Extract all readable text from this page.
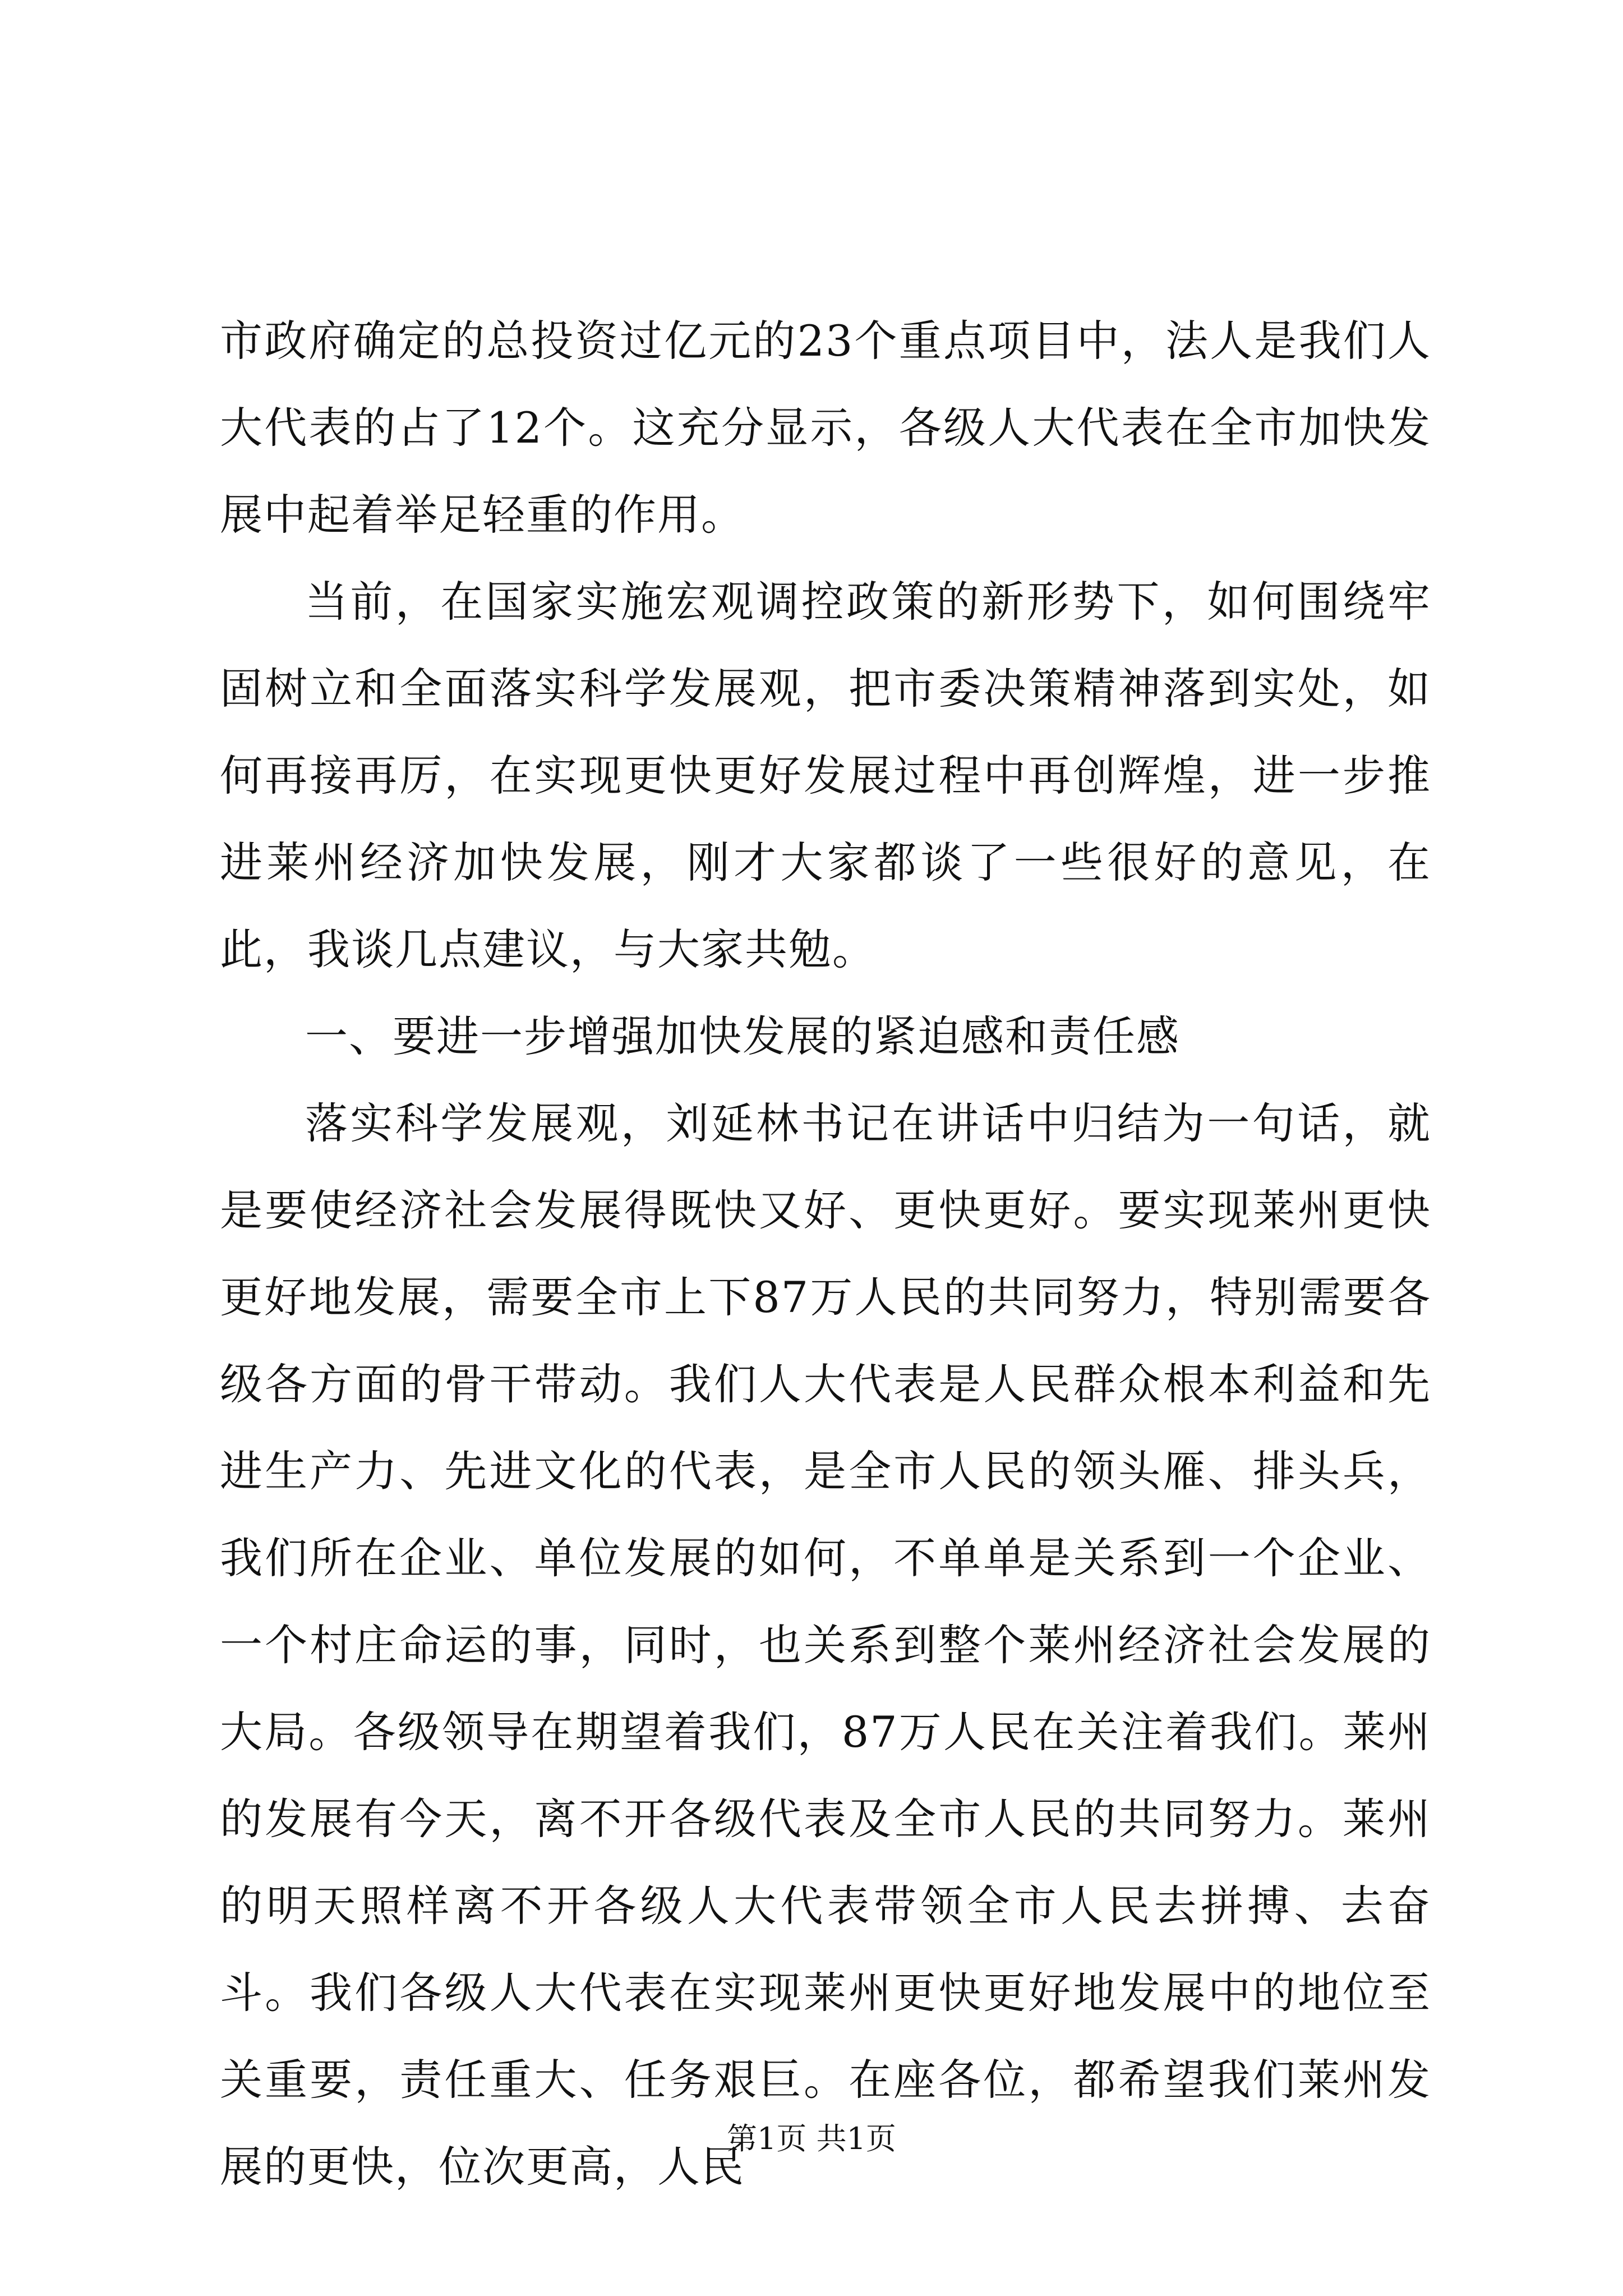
市政府确定的总投资过亿元的23个重点项目中，法人是我们人大代表的占了12个。这充分显示，各级人大代表在全市加快发展中起着举足轻重的作用。

当前，在国家实施宏观调控政策的新形势下，如何围绕牢固树立和全面落实科学发展观，把市委决策精神落到实处，如何再接再厉，在实现更快更好发展过程中再创辉煌，进一步推进莱州经济加快发展，刚才大家都谈了一些很好的意见，在此，我谈几点建议，与大家共勉。

一、要进一步增强加快发展的紧迫感和责任感

落实科学发展观，刘延林书记在讲话中归结为一句话，就是要使经济社会发展得既快又好、更快更好。要实现莱州更快更好地发展，需要全市上下87万人民的共同努力，特别需要各级各方面的骨干带动。我们人大代表是人民群众根本利益和先进生产力、先进文化的代表，是全市人民的领头雁、排头兵，我们所在企业、单位发展的如何，不单单是关系到一个企业、一个村庄命运的事，同时，也关系到整个莱州经济社会发展的大局。各级领导在期望着我们，87万人民在关注着我们。莱州的发展有今天，离不开各级代表及全市人民的共同努力。莱州的明天照样离不开各级人大代表带领全市人民去拼搏、去奋斗。我们各级人大代表在实现莱州更快更好地发展中的地位至关重要，责任重大、任务艰巨。在座各位，都希望我们莱州发展的更快，位次更高，人民

第1页 共1页
